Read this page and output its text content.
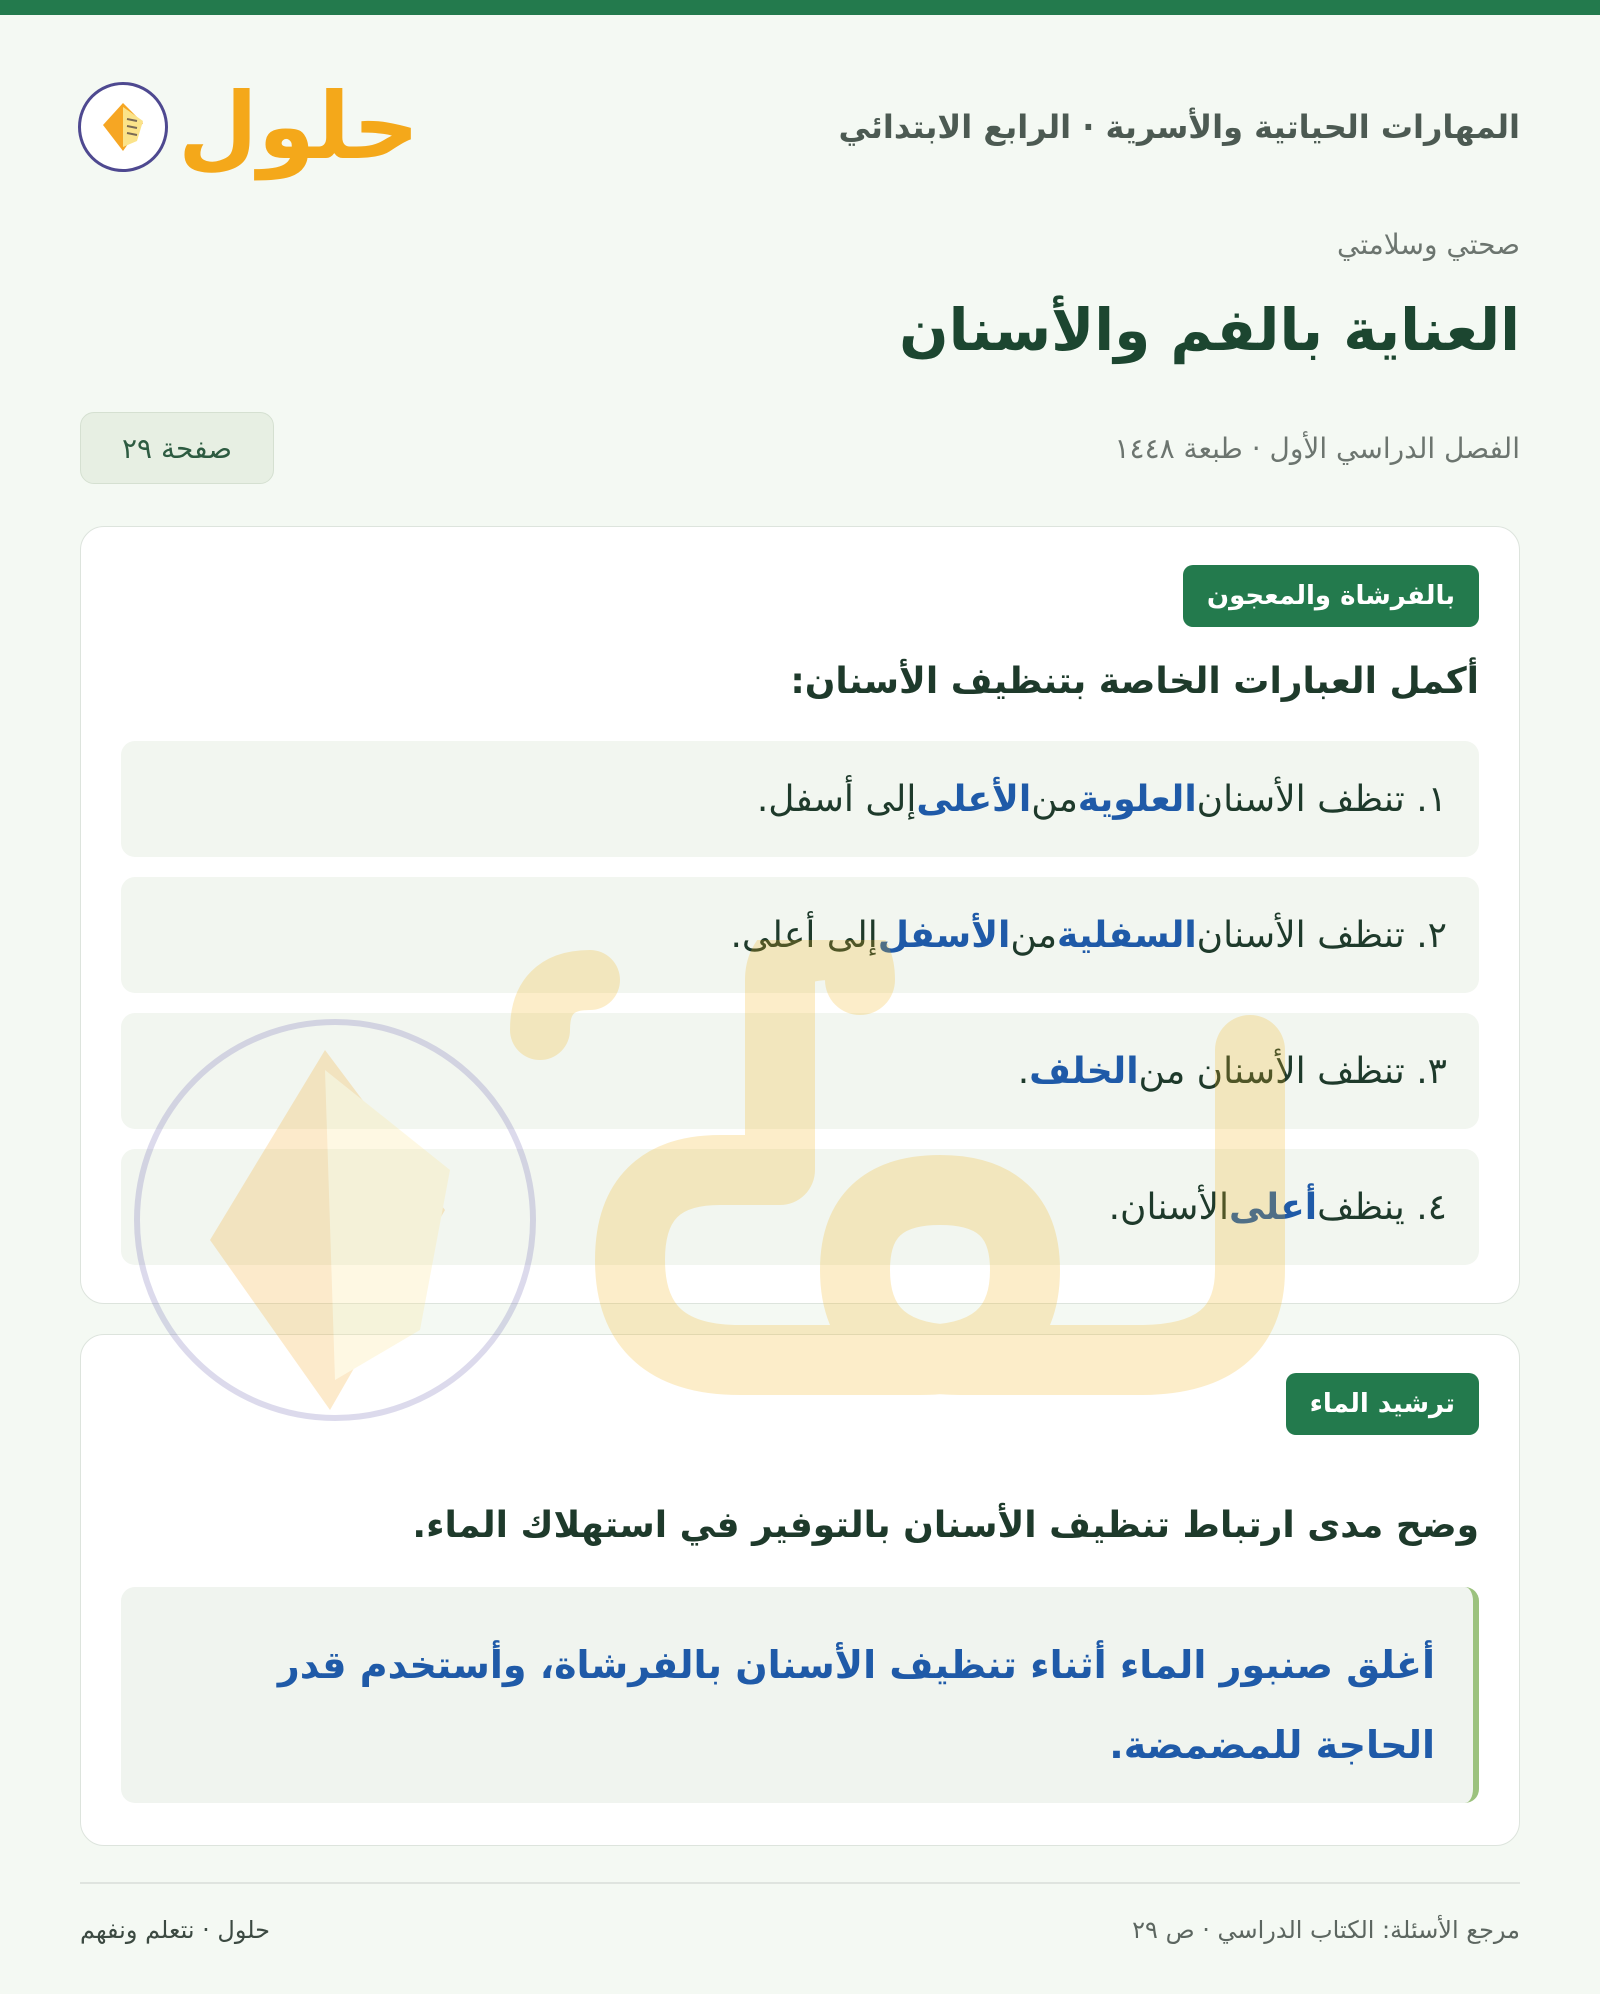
المهارات الحياتية والأسرية · الرابع الابتدائي
حلول
صحتي وسلامتي
العناية بالفم والأسنان
الفصل الدراسي الأول · طبعة ١٤٤٨
صفحة ٢٩
بالفرشاة والمعجون
أكمل العبارات الخاصة بتنظيف الأسنان:
١. تنظف الأسنان
العلوية
من
الأعلى
إلى أسفل.
٢. تنظف الأسنان
السفلية
من
الأسفل
إلى أعلى.
٣. تنظف الأسنان من
الخلف
.
٤. ينظف
أعلى
الأسنان.
ترشيد الماء
وضح مدى ارتباط تنظيف الأسنان بالتوفير في استهلاك الماء.
أغلق صنبور الماء أثناء تنظيف الأسنان بالفرشاة، وأستخدم قدر الحاجة للمضمضة.
مرجع الأسئلة: الكتاب الدراسي · ص ٢٩
حلول · نتعلم ونفهم
